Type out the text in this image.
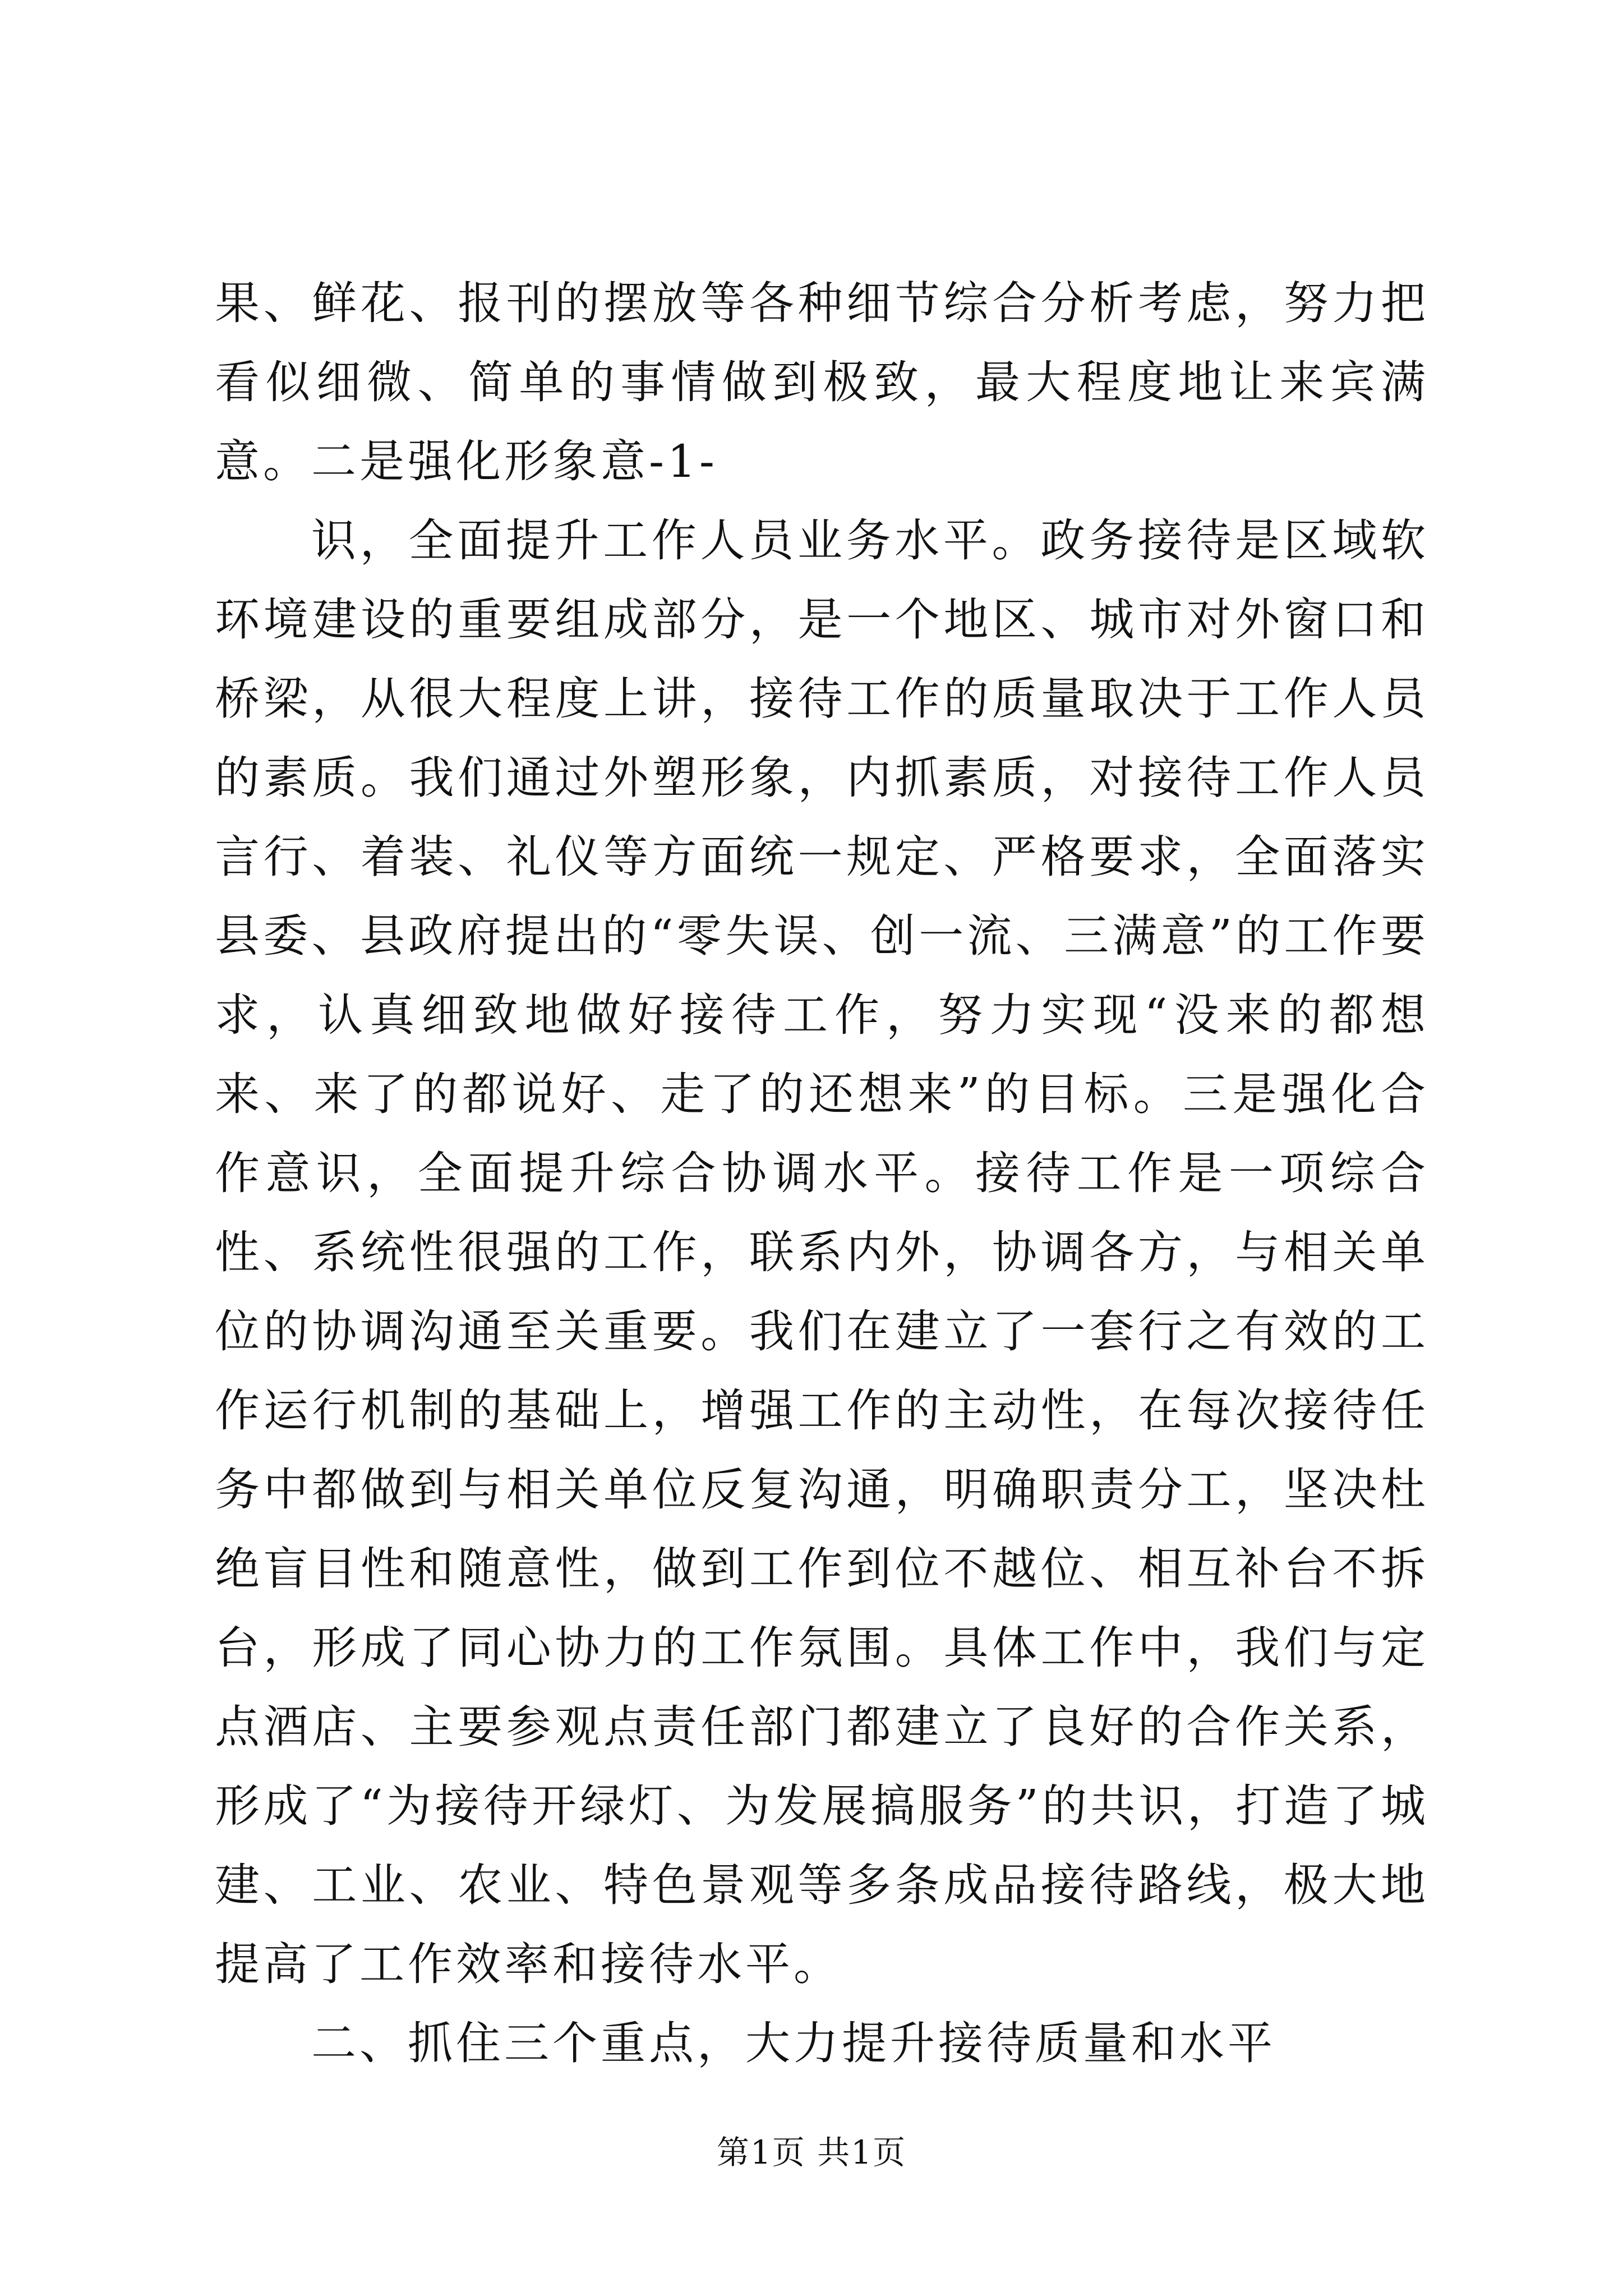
果、鲜花、报刊的摆放等各种细节综合分析考虑，努力把看似细微、简单的事情做到极致，最大程度地让来宾满意。二是强化形象意-1-

识，全面提升工作人员业务水平。政务接待是区域软环境建设的重要组成部分，是一个地区、城市对外窗口和桥梁，从很大程度上讲，接待工作的质量取决于工作人员的素质。我们通过外塑形象，内抓素质，对接待工作人员言行、着装、礼仪等方面统一规定、严格要求，全面落实县委、县政府提出的“零失误、创一流、三满意”的工作要求，认真细致地做好接待工作，努力实现“没来的都想来、来了的都说好、走了的还想来”的目标。三是强化合作意识，全面提升综合协调水平。接待工作是一项综合性、系统性很强的工作，联系内外，协调各方，与相关单位的协调沟通至关重要。我们在建立了一套行之有效的工作运行机制的基础上，增强工作的主动性，在每次接待任务中都做到与相关单位反复沟通，明确职责分工，坚决杜绝盲目性和随意性，做到工作到位不越位、相互补台不拆台，形成了同心协力的工作氛围。具体工作中，我们与定点酒店、主要参观点责任部门都建立了良好的合作关系，形成了“为接待开绿灯、为发展搞服务”的共识，打造了城建、工业、农业、特色景观等多条成品接待路线，极大地提高了工作效率和接待水平。

二、抓住三个重点，大力提升接待质量和水平

第1页 共1页
